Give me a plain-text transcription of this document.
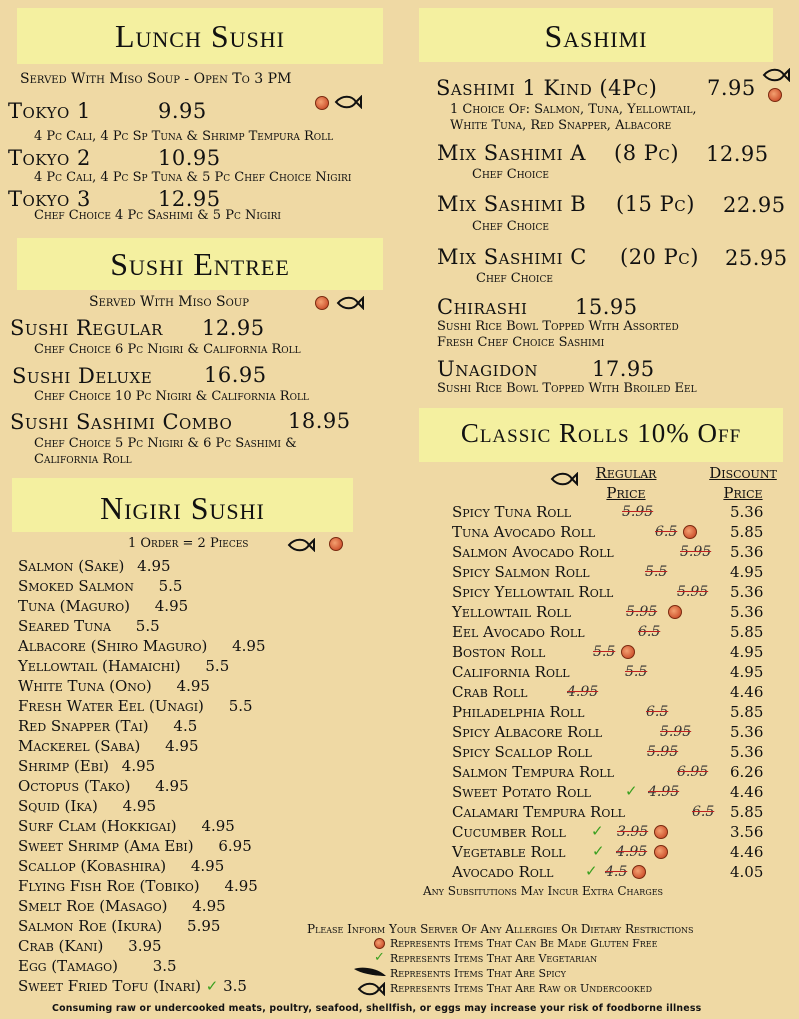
Lunch Sushi
Served With Miso Soup - Open To 3 PM
Tokyo 1	9.95
4 Pc Cali, 4 Pc Sp Tuna & Shrimp Tempura Roll
Tokyo 2	10.95
4 Pc Cali, 4 Pc Sp Tuna & 5 Pc Chef Choice Nigiri
Tokyo 3	12.95
Chef Choice 4 Pc Sashimi & 5 Pc Nigiri
Sushi Entree
Served With Miso Soup
Sushi Regular 12.95
Chef Choice 6 Pc Nigiri & California Roll
Sushi Deluxe 16.95
Chef Choice 10 Pc Nigiri & California Roll
Sushi Sashimi Combo	18.95
Chef Choice 5 Pc Nigiri & 6 Pc Sashimi &
California Roll
Nigiri Sushi
1 Order = 2 Pieces
Salmon (Sake) 4.95
Smoked Salmon 5.5
Tuna (Maguro) 4.95
Seared Tuna 5.5
Albacore (Shiro Maguro) 4.95
Yellowtail (Hamaichi) 5.5
White Tuna (Ono) 4.95
Fresh Water Eel (Unagi) 5.5
Red Snapper (Tai) 4.5
Mackerel (Saba) 4.95
Shrimp (Ebi) 4.95
Octopus (Tako) 4.95
Squid (Ika) 4.95
Surf Clam (Hokkigai) 4.95
Sweet Shrimp (Ama Ebi) 6.95
Scallop (Kobashira) 4.95
Flying Fish Roe (Tobiko) 4.95
Smelt Roe (Masago) 4.95
Salmon Roe (Ikura) 5.95
Crab (Kani) 3.95
Egg (Tamago) 3.5
Sweet Fried Tofu (Inari) ✓ 3.5
Sashimi
Sashimi 1 Kind (4Pc) 7.95
1 Choice Of: Salmon, Tuna, Yellowtail,
White Tuna, Red Snapper, Albacore
Mix Sashimi A (8 Pc) 12.95
Chef Choice
Mix Sashimi B (15 Pc) 22.95
Chef Choice
Mix Sashimi C (20 Pc) 25.95
Chef Choice
Chirashi 15.95
Sushi Rice Bowl Topped With Assorted
Fresh Chef Choice Sashimi
Unagidon	17.95
Sushi Rice Bowl Topped With Broiled Eel
Classic Rolls 10% Off
Regular
Price
Discount
Price
Spicy Tuna Roll	5.95	5.36
Tuna Avocado Roll	6.5	5.85
Salmon Avocado Roll	5.95 5.36
Spicy Salmon Roll	5.5	4.95
Spicy Yellowtail Roll	5.95 5.36
Yellowtail Roll	5.95	5.36
Eel Avocado Roll	6.5	5.85
Boston Roll	5.5	4.95
California Roll	5.5	4.95
Crab Roll	4.95	4.46
Philadelphia Roll	6.5	5.85
Spicy Albacore Roll	5.95	5.36
Spicy Scallop Roll	5.95	5.36
Salmon Tempura Roll	6.95 6.26
Sweet Potato Roll ✓ 4.95	4.46
Calamari Tempura Roll	6.5 5.85
Cucumber Roll ✓ 3.95	3.56
Vegetable Roll ✓ 4.95	4.46
Avocado Roll ✓ 4.5	4.05
Any Subsitutions May Incur Extra Charges
Please Inform Your Server Of Any Allergies Or Dietary Restrictions
Represents Items That Can Be Made Gluten Free
✓ Represents Items That Are Vegetarian
Represents Items That Are Spicy
Represents Items That Are Raw or Undercooked
Consuming raw or undercooked meats, poultry, seafood, shellfish, or eggs may increase your risk of foodborne illness
